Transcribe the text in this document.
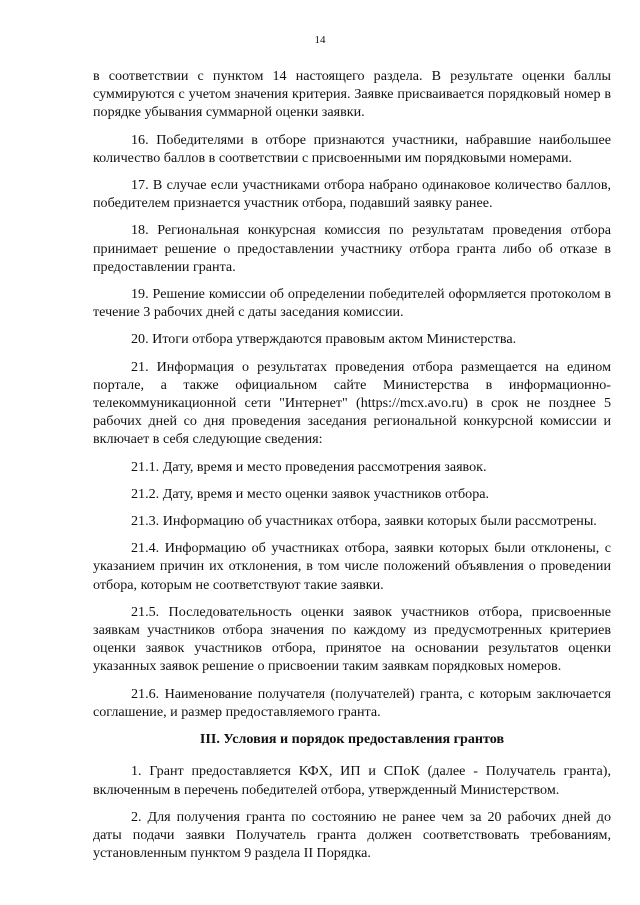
14

в соответствии с пунктом 14 настоящего раздела. В результате оценки баллы суммируются с учетом значения критерия. Заявке присваивается порядковый номер в порядке убывания суммарной оценки заявки.

16. Победителями в отборе признаются участники, набравшие наибольшее количество баллов в соответствии с присвоенными им порядковыми номерами.

17. В случае если участниками отбора набрано одинаковое количество баллов, победителем признается участник отбора, подавший заявку ранее.

18. Региональная конкурсная комиссия по результатам проведения отбора принимает решение о предоставлении участнику отбора гранта либо об отказе в предоставлении гранта.

19. Решение комиссии об определении победителей оформляется протоколом в течение 3 рабочих дней с даты заседания комиссии.

20. Итоги отбора утверждаются правовым актом Министерства.

21. Информация о результатах проведения отбора размещается на едином портале, а также официальном сайте Министерства в информационно-телекоммуникационной сети "Интернет" (https://mcx.avo.ru) в срок не позднее 5 рабочих дней со дня проведения заседания региональной конкурсной комиссии и включает в себя следующие сведения:

21.1. Дату, время и место проведения рассмотрения заявок.

21.2. Дату, время и место оценки заявок участников отбора.

21.3. Информацию об участниках отбора, заявки которых были рассмотрены.

21.4. Информацию об участниках отбора, заявки которых были отклонены, с указанием причин их отклонения, в том числе положений объявления о проведении отбора, которым не соответствуют такие заявки.

21.5. Последовательность оценки заявок участников отбора, присвоенные заявкам участников отбора значения по каждому из предусмотренных критериев оценки заявок участников отбора, принятое на основании результатов оценки указанных заявок решение о присвоении таким заявкам порядковых номеров.

21.6. Наименование получателя (получателей) гранта, с которым заключается соглашение, и размер предоставляемого гранта.

III. Условия и порядок предоставления грантов

1. Грант предоставляется КФХ, ИП и СПоК (далее - Получатель гранта), включенным в перечень победителей отбора, утвержденный Министерством.

2. Для получения гранта по состоянию не ранее чем за 20 рабочих дней до даты подачи заявки Получатель гранта должен соответствовать требованиям, установленным пунктом 9 раздела II Порядка.
